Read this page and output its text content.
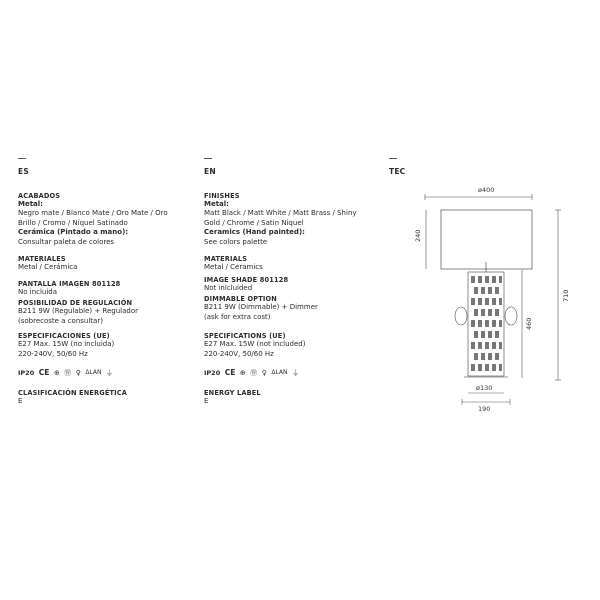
ES
ACABADOS
Metal:
Negro mate / Blanco Mate / Oro Mate / Oro Brillo / Cromo / Níquel Satinado
Cerámica (Pintado a mano):
Consultar paleta de colores
MATERIALES
Metal / Cerámica
PANTALLA IMAGEN 801128
No incluida
POSIBILIDAD DE REGULACIÓN
B211 9W (Regulable) + Regulador
(sobrecoste a consultar)
ESPECIFICACIONES (UE)
E27 Max. 15W (no incluida)
220-240V, 50/60 Hz
IP20 CE ⊕ Ⓦ ♀ ΔLΑΝ ⏚
CLASIFICACIÓN ENERGÉTICA
E
EN
FINISHES
Metal:
Matt Black / Matt White / Matt Brass / Shiny Gold / Chrome / Satin Niquel
Ceramics (Hand painted):
See colors palette
MATERIALS
Metal / Ceramics
IMAGE SHADE 801128
Not inlcluided
DIMMABLE OPTION
B211 9W (Dimmable) + Dimmer
(ask for extra cost)
SPECIFICATIONS (UE)
E27 Max. 15W (not included)
220-240V, 50/60 Hz
IP20 CE ⊕ Ⓦ ♀ ΔLΑΝ ⏚
ENERGY LABEL
E
TEC
ø400
240
710
460
ø130
190
